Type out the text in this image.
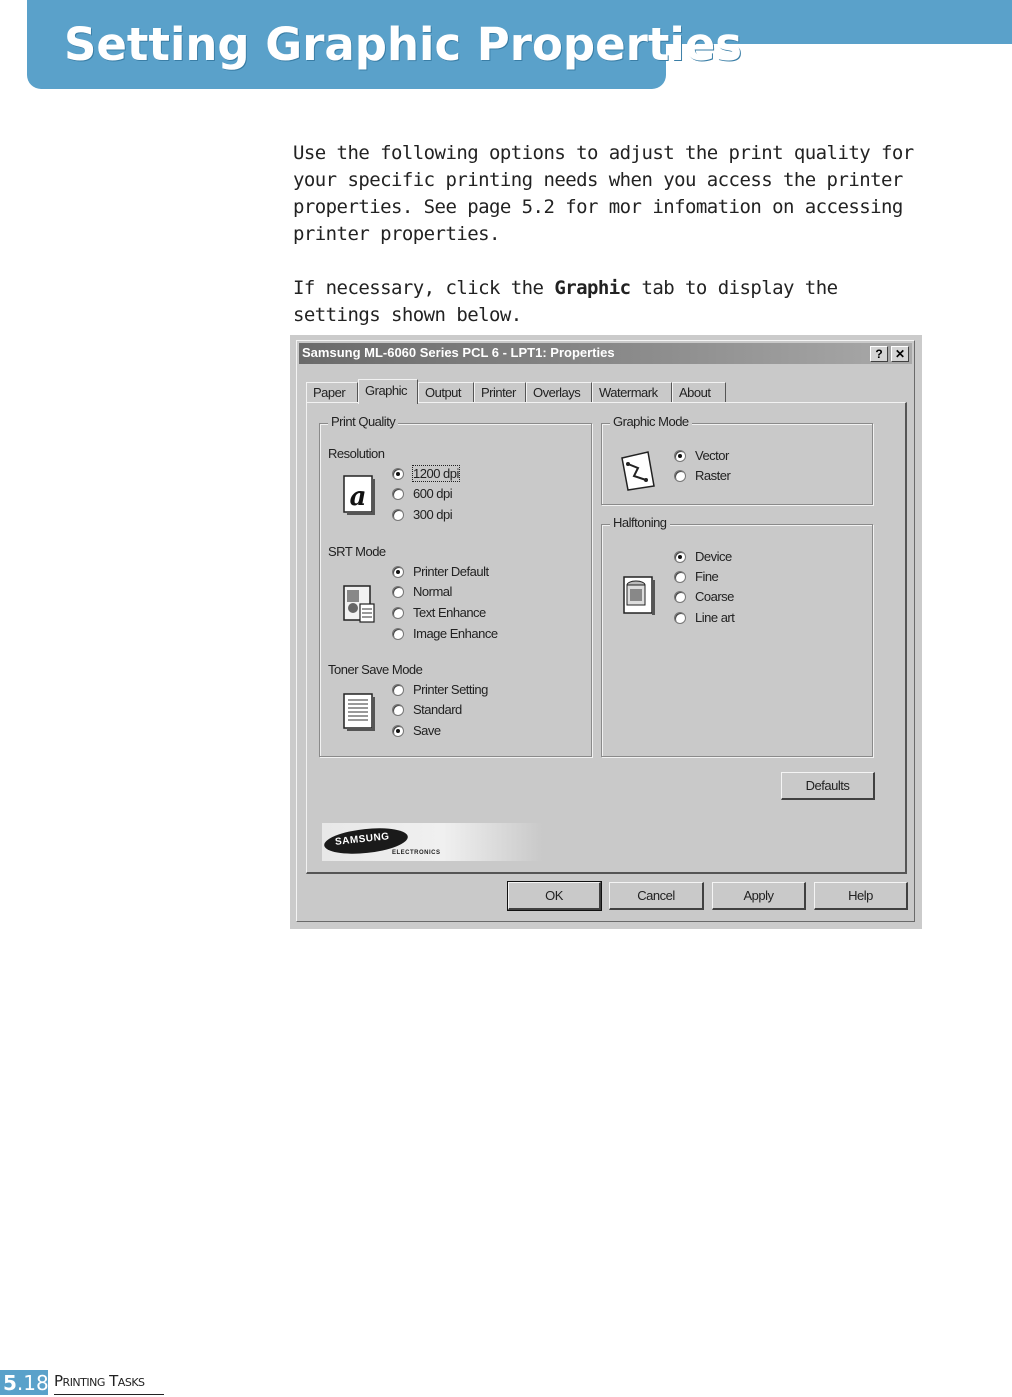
Setting Graphic Properties

Use the following options to adjust the print quality for your specific printing needs when you access the printer properties. See page 5.2 for mor infomation on accessing printer properties.

If necessary, click the Graphic tab to display the settings shown below.

Samsung ML-6060 Series PCL 6 - LPT1: Properties	?	✕
Paper	Graphic	Output	Printer	Overlays	Watermark	About
Print Quality
Resolution
a
1200 dpi
600 dpi
300 dpi
SRT Mode
Printer Default
Normal
Text Enhance
Image Enhance
Toner Save Mode
Printer Setting
Standard
Save
Graphic Mode
Vector
Raster
Halftoning
Device
Fine
Coarse
Line art
Defaults
SAMSUNG
ELECTRONICS
OK	Cancel	Apply	Help
5.18 Printing Tasks
